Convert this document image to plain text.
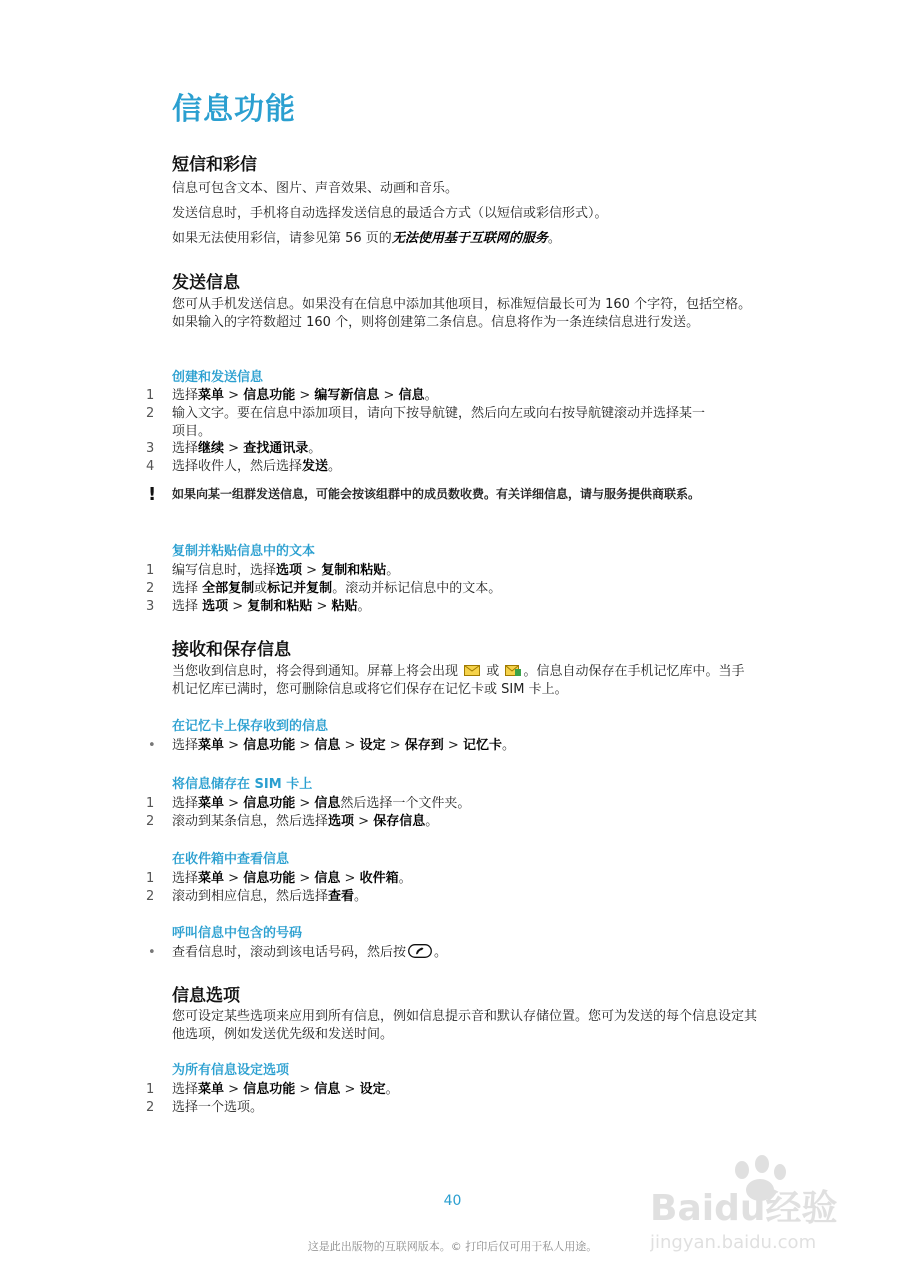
信息功能
短信和彩信
信息可包含文本、图片、声音效果、动画和音乐。
发送信息时，手机将自动选择发送信息的最适合方式（以短信或彩信形式）。
如果无法使用彩信，请参见第 56 页的无法使用基于互联网的服务。
发送信息
您可从手机发送信息。如果没有在信息中添加其他项目，标准短信最长可为 160 个字符，包括空格。如果输入的字符数超过 160 个，则将创建第二条信息。信息将作为一条连续信息进行发送。
创建和发送信息
1	选择菜单 > 信息功能 > 编写新信息 > 信息。
2	输入文字。要在信息中添加项目，请向下按导航键，然后向左或向右按导航键滚动并选择某一项目。
3	选择继续 > 查找通讯录。
4	选择收件人，然后选择发送。
! 如果向某一组群发送信息，可能会按该组群中的成员数收费。有关详细信息，请与服务提供商联系。
复制并粘贴信息中的文本
1	编写信息时，选择选项 > 复制和粘贴。
2	选择 全部复制或标记并复制。滚动并标记信息中的文本。
3	选择 选项 > 复制和粘贴 > 粘贴。
接收和保存信息
当您收到信息时，将会得到通知。屏幕上将会出现 或 。信息自动保存在手机记忆库中。当手机记忆库已满时，您可删除信息或将它们保存在记忆卡或 SIM 卡上。
在记忆卡上保存收到的信息
• 选择菜单 > 信息功能 > 信息 > 设定 > 保存到 > 记忆卡。
将信息储存在 SIM 卡上
1	选择菜单 > 信息功能 > 信息然后选择一个文件夹。
2	滚动到某条信息，然后选择选项 > 保存信息。
在收件箱中查看信息
1	选择菜单 > 信息功能 > 信息 > 收件箱。
2	滚动到相应信息，然后选择查看。
呼叫信息中包含的号码
• 查看信息时，滚动到该电话号码，然后按 。
信息选项
您可设定某些选项来应用到所有信息，例如信息提示音和默认存储位置。您可为发送的每个信息设定其他选项，例如发送优先级和发送时间。
为所有信息设定选项
1	选择菜单 > 信息功能 > 信息 > 设定。
2	选择一个选项。
Baidu经验
jingyan.baidu.com
40
这是此出版物的互联网版本。© 打印后仅可用于私人用途。
